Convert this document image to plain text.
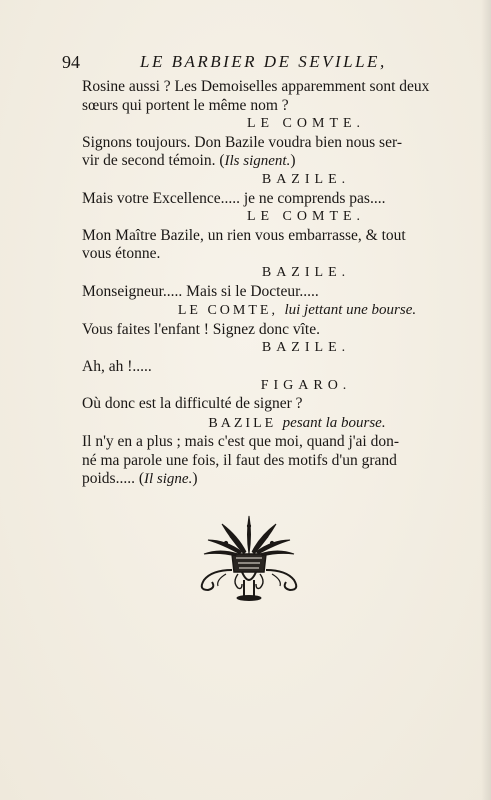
94	LE BARBIER DE SEVILLE,
Rosine aussi ? Les Demoiselles apparemment sont deux
sœurs qui portent le même nom ?
LE COMTE.
Signons toujours. Don Bazile voudra bien nous ser-
vir de second témoin. (Ils signent.)
BAZILE.
Mais votre Excellence..... je ne comprends pas....
LE COMTE.
Mon Maître Bazile, un rien vous embarrasse, & tout
vous étonne.
BAZILE.
Monseigneur..... Mais si le Docteur.....
LE COMTE, lui jettant une bourse.
Vous faites l'enfant ! Signez donc vîte.
BAZILE.
Ah, ah !.....
FIGARO.
Où donc est la difficulté de signer ?
BAZILE pesant la bourse.
Il n'y en a plus ; mais c'est que moi, quand j'ai don-
né ma parole une fois, il faut des motifs d'un grand
poids..... (Il signe.)
